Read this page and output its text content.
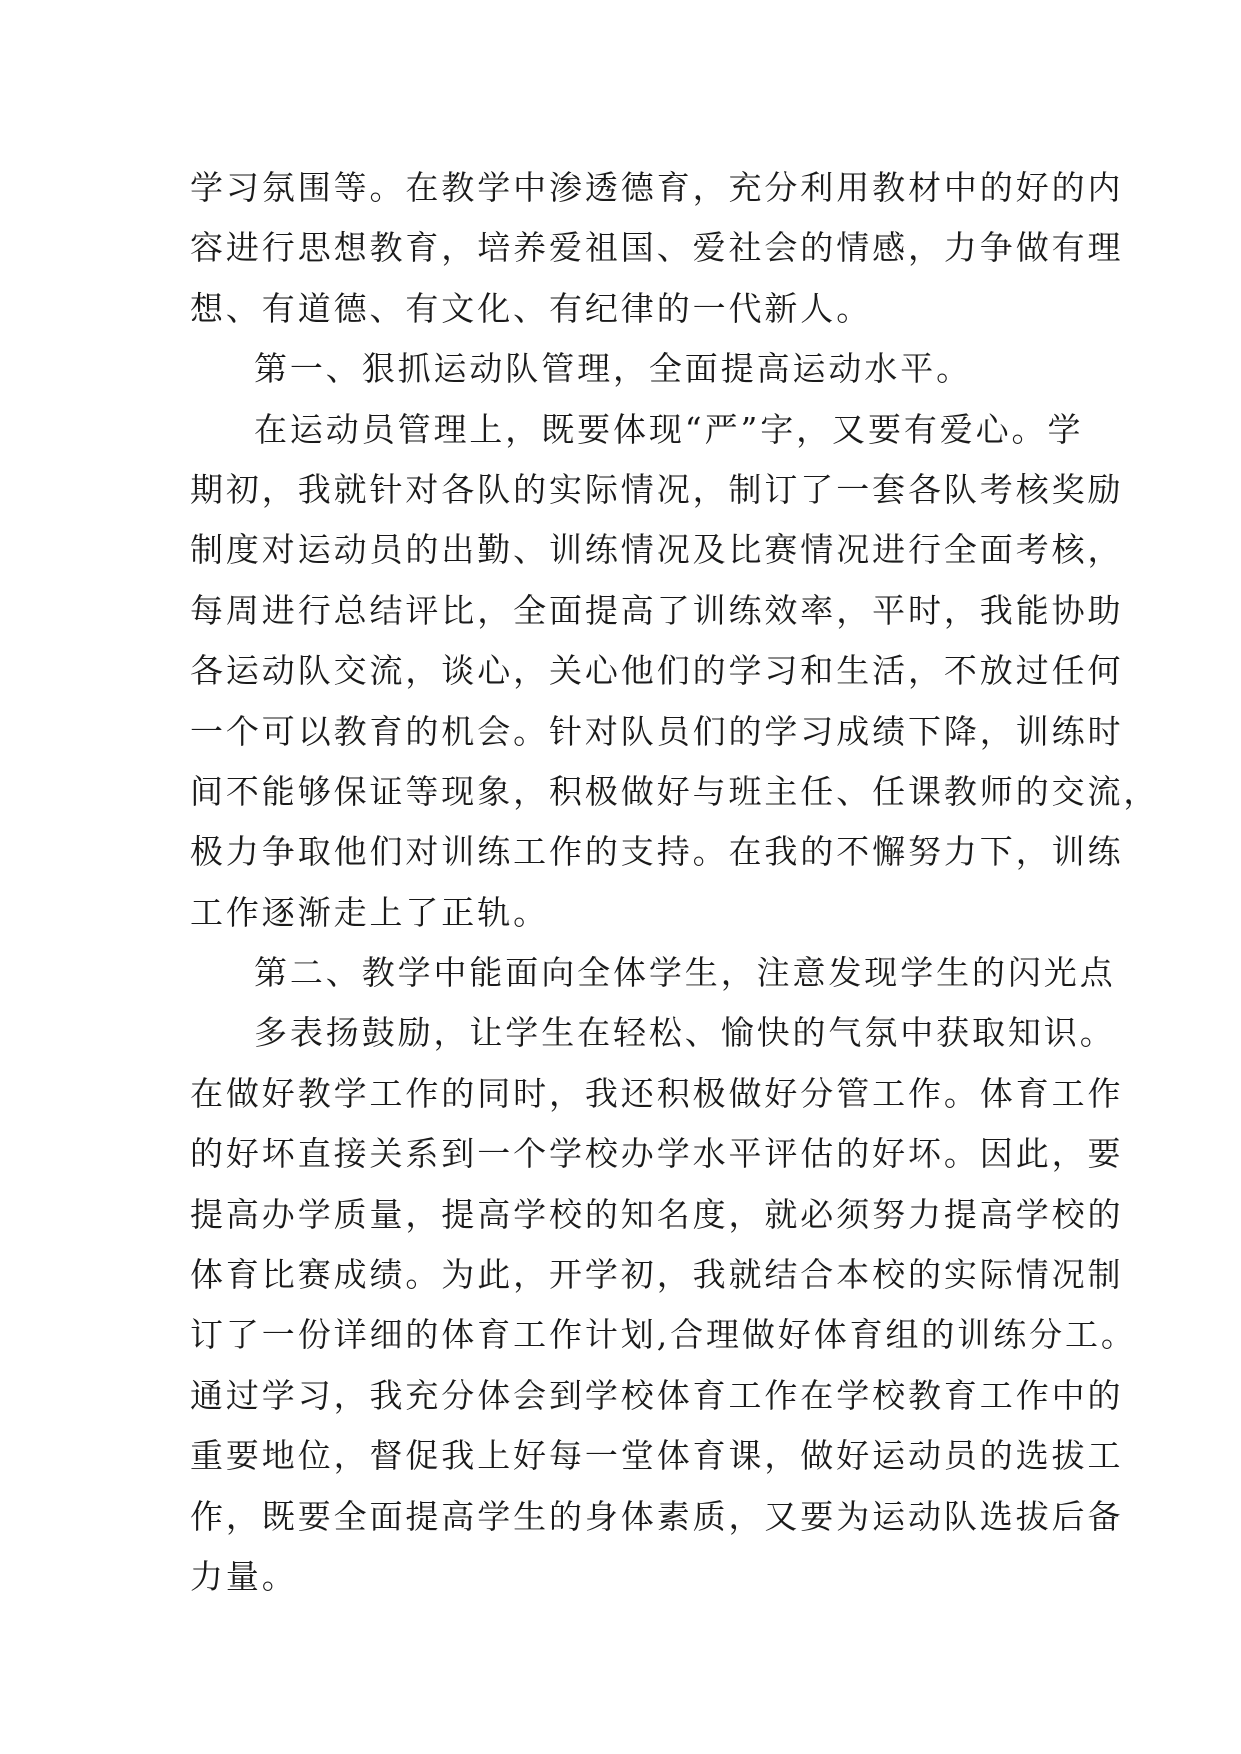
学习氛围等。在教学中渗透德育，充分利用教材中的好的内
容进行思想教育，培养爱祖国、爱社会的情感，力争做有理
想、有道德、有文化、有纪律的一代新人。
第一、狠抓运动队管理，全面提高运动水平。
在运动员管理上，既要体现“严”字，又要有爱心。学
期初，我就针对各队的实际情况，制订了一套各队考核奖励
制度对运动员的出勤、训练情况及比赛情况进行全面考核，
每周进行总结评比，全面提高了训练效率，平时，我能协助
各运动队交流，谈心，关心他们的学习和生活，不放过任何
一个可以教育的机会。针对队员们的学习成绩下降，训练时
间不能够保证等现象，积极做好与班主任、任课教师的交流，
极力争取他们对训练工作的支持。在我的不懈努力下，训练
工作逐渐走上了正轨。
第二、教学中能面向全体学生，注意发现学生的闪光点
多表扬鼓励，让学生在轻松、愉快的气氛中获取知识。
在做好教学工作的同时，我还积极做好分管工作。体育工作
的好坏直接关系到一个学校办学水平评估的好坏。因此，要
提高办学质量，提高学校的知名度，就必须努力提高学校的
体育比赛成绩。为此，开学初，我就结合本校的实际情况制
订了一份详细的体育工作计划,合理做好体育组的训练分工。
通过学习，我充分体会到学校体育工作在学校教育工作中的
重要地位，督促我上好每一堂体育课，做好运动员的选拔工
作，既要全面提高学生的身体素质，又要为运动队选拔后备
力量。
